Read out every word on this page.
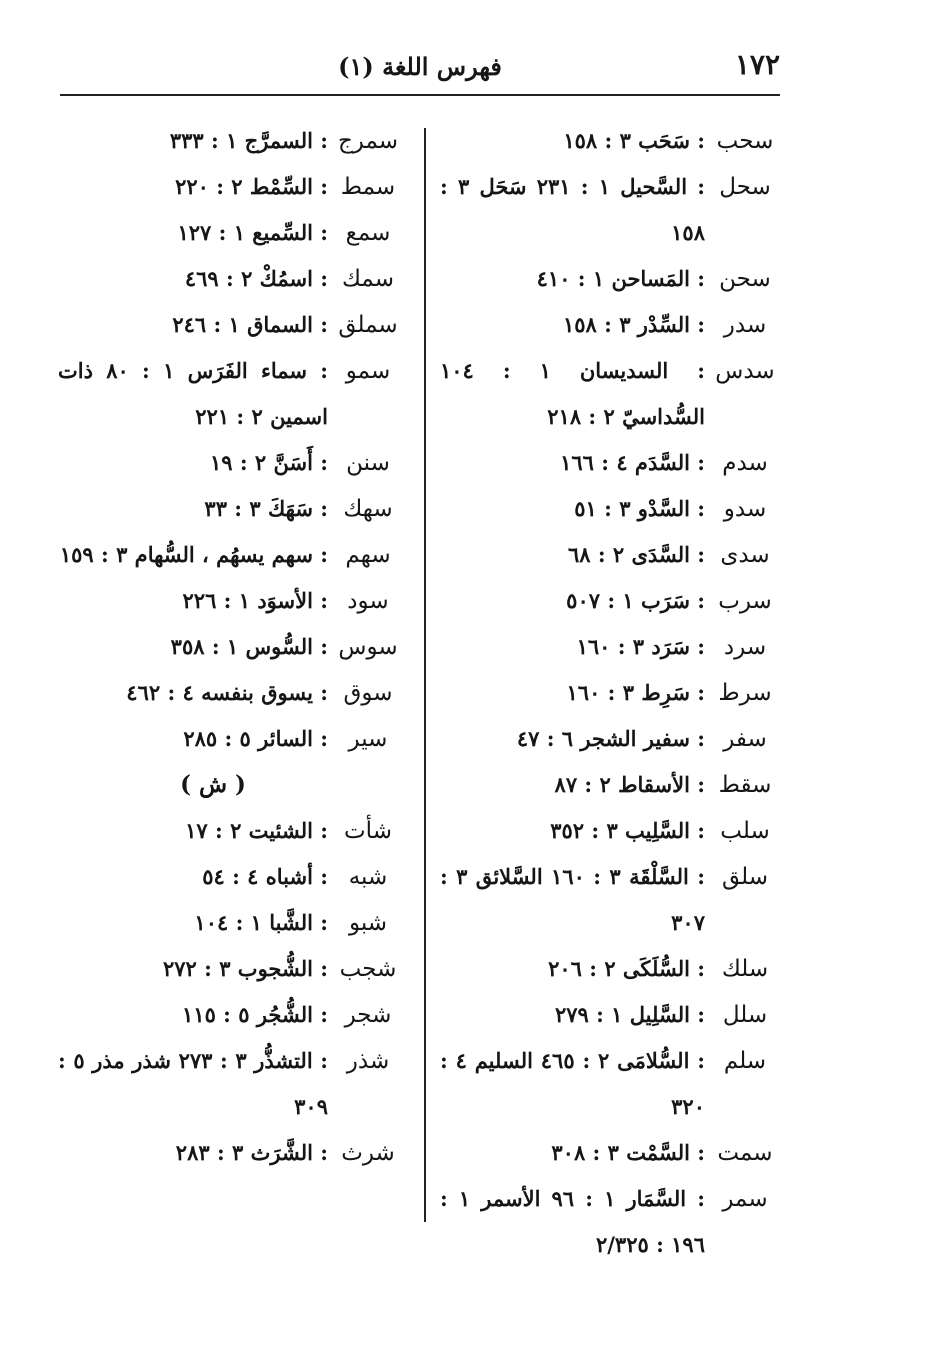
١٧٢
فهرس اللغة (١)
سحب
: سَحَب ٣ : ١٥٨
سحل
: السَّحيل ١ : ٢٣١ سَحَل ٣ : ١٥٨
سحن
: المَساحن ١ : ٤١٠
سدر
: السِّدْر ٣ : ١٥٨
سدس
: السديسان ١ : ١٠٤ السُّداسيّ ٢ : ٢١٨
سدم
: السَّدَم ٤ : ١٦٦
سدو
: السَّدْو ٣ : ٥١
سدى
: السَّدَى ٢ : ٦٨
سرب
: سَرَب ١ : ٥٠٧
سرد
: سَرَد ٣ : ١٦٠
سرط
: سَرِط ٣ : ١٦٠
سفر
: سفير الشجر ٦ : ٤٧
سقط
: الأسقاط ٢ : ٨٧
سلب
: السَّلِيب ٣ : ٣٥٢
سلق
: السَّلْقَة ٣ : ١٦٠ السَّلائق ٣ : ٣٠٧
سلك
: السُّلَكَى ٢ : ٢٠٦
سلل
: السَّلِيل ١ : ٢٧٩
سلم
: السُّلامَى ٢ : ٤٦٥ السليم ٤ : ٣٢٠
سمت
: السَّمْت ٣ : ٣٠٨
سمر
: السَّمَار ١ : ٩٦ الأسمر ١ : ١٩٦ : ٢/٣٢٥
سمرج
: السمرَّج ١ : ٣٣٣
سمط
: السِّمْط ٢ : ٢٢٠
سمع
: السِّميع ١ : ١٢٧
سمك
: اسمُكْ ٢ : ٤٦٩
سملق
: السماق ١ : ٢٤٦
سمو
: سماء الفَرَس ١ : ٨٠ ذات اسمين ٢ : ٢٢١
سنن
: أَسَنَّ ٢ : ١٩
سهك
: سَهَكَ ٣ : ٣٣
سهم
: سهم يسهُم ، السُّهام ٣ : ١٥٩
سود
: الأسوَد ١ : ٢٢٦
سوس
: السُّوس ١ : ٣٥٨
سوق
: يسوق بنفسه ٤ : ٤٦٢
سير
: السائر ٥ : ٢٨٥
( ش )
شأت
: الشئيت ٢ : ١٧
شبه
: أشباه ٤ : ٥٤
شبو
: الشَّبا ١ : ١٠٤
شجب
: الشُّجوب ٣ : ٢٧٢
شجر
: الشُّجُر ٥ : ١١٥
شذر
: التشذُّر ٣ : ٢٧٣ شذر مذر ٥ : ٣٠٩
شرث
: الشَّرَث ٣ : ٢٨٣
